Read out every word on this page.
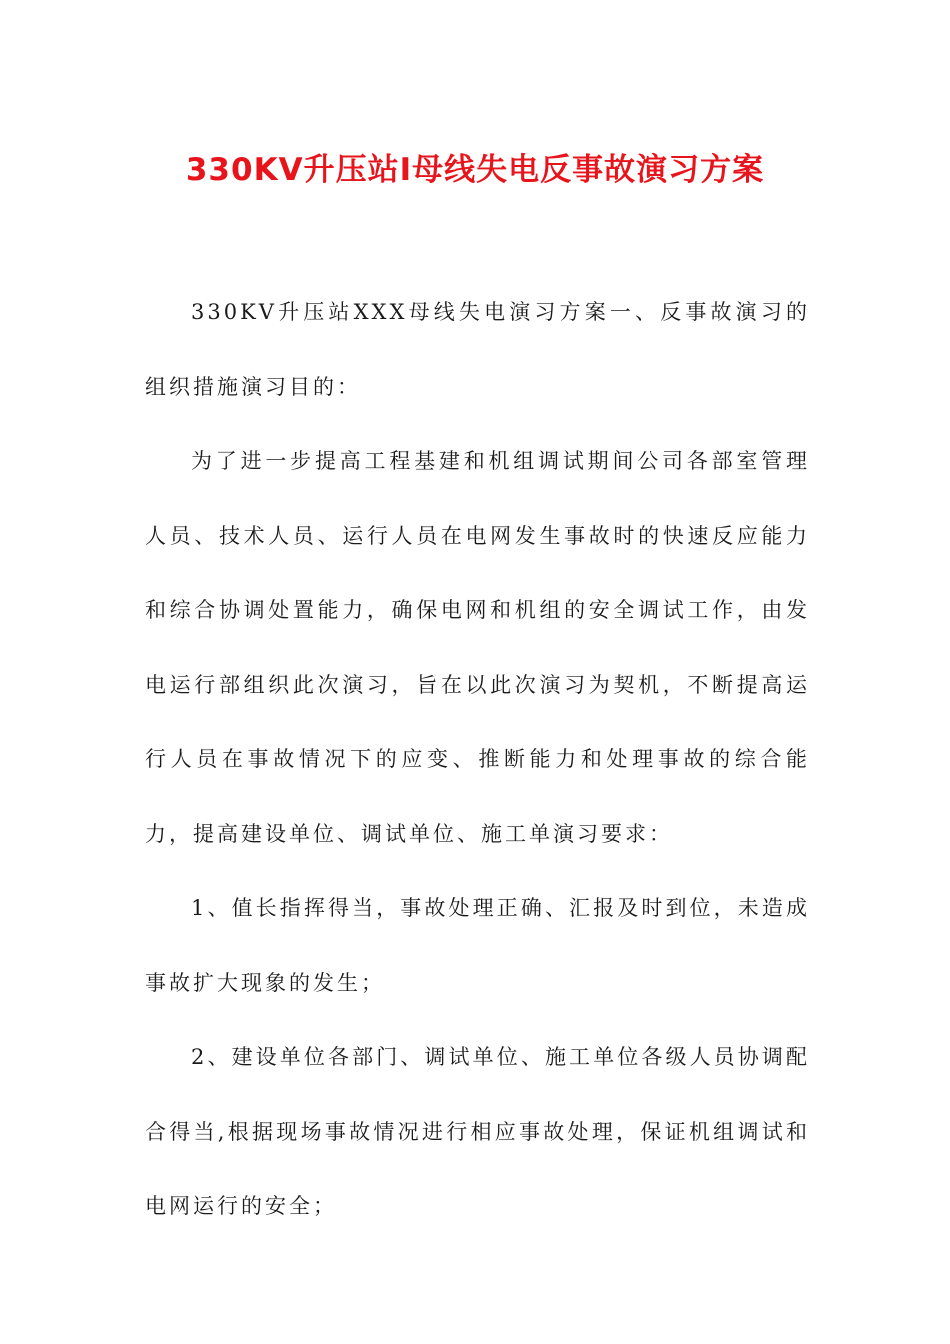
330KV升压站Ⅰ母线失电反事故演习方案

330KV升压站XXX母线失电演习方案一、反事故演习的组织措施演习目的：

为了进一步提高工程基建和机组调试期间公司各部室管理人员、技术人员、运行人员在电网发生事故时的快速反应能力和综合协调处置能力，确保电网和机组的安全调试工作，由发电运行部组织此次演习，旨在以此次演习为契机，不断提高运行人员在事故情况下的应变、推断能力和处理事故的综合能力，提高建设单位、调试单位、施工单演习要求：

1、值长指挥得当，事故处理正确、汇报及时到位，未造成事故扩大现象的发生；

2、建设单位各部门、调试单位、施工单位各级人员协调配合得当,根据现场事故情况进行相应事故处理，保证机组调试和电网运行的安全；
